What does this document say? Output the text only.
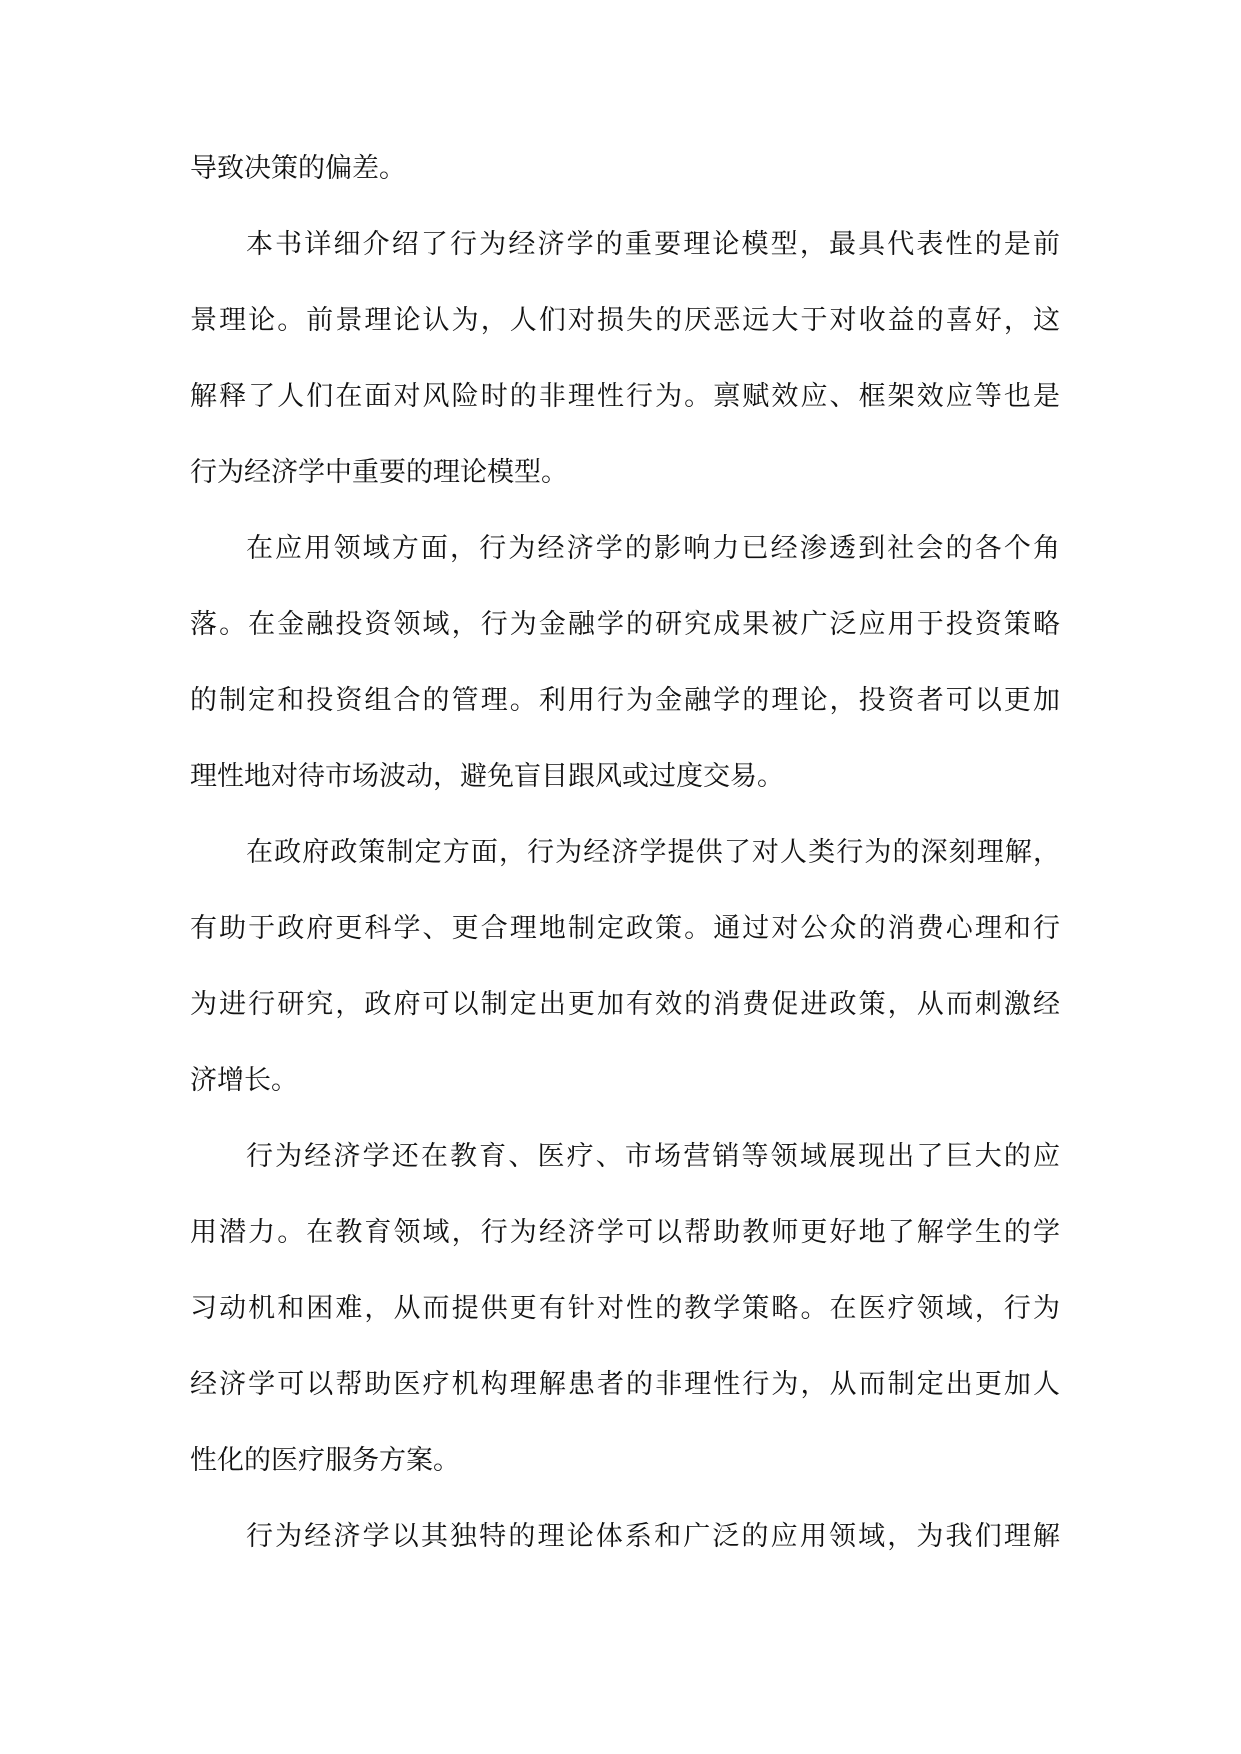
导致决策的偏差。
本书详细介绍了行为经济学的重要理论模型，最具代表性的是前
景理论。前景理论认为，人们对损失的厌恶远大于对收益的喜好，这
解释了人们在面对风险时的非理性行为。禀赋效应、框架效应等也是
行为经济学中重要的理论模型。
在应用领域方面，行为经济学的影响力已经渗透到社会的各个角
落。在金融投资领域，行为金融学的研究成果被广泛应用于投资策略
的制定和投资组合的管理。利用行为金融学的理论，投资者可以更加
理性地对待市场波动，避免盲目跟风或过度交易。
在政府政策制定方面，行为经济学提供了对人类行为的深刻理解，
有助于政府更科学、更合理地制定政策。通过对公众的消费心理和行
为进行研究，政府可以制定出更加有效的消费促进政策，从而刺激经
济增长。
行为经济学还在教育、医疗、市场营销等领域展现出了巨大的应
用潜力。在教育领域，行为经济学可以帮助教师更好地了解学生的学
习动机和困难，从而提供更有针对性的教学策略。在医疗领域，行为
经济学可以帮助医疗机构理解患者的非理性行为，从而制定出更加人
性化的医疗服务方案。
行为经济学以其独特的理论体系和广泛的应用领域，为我们理解
